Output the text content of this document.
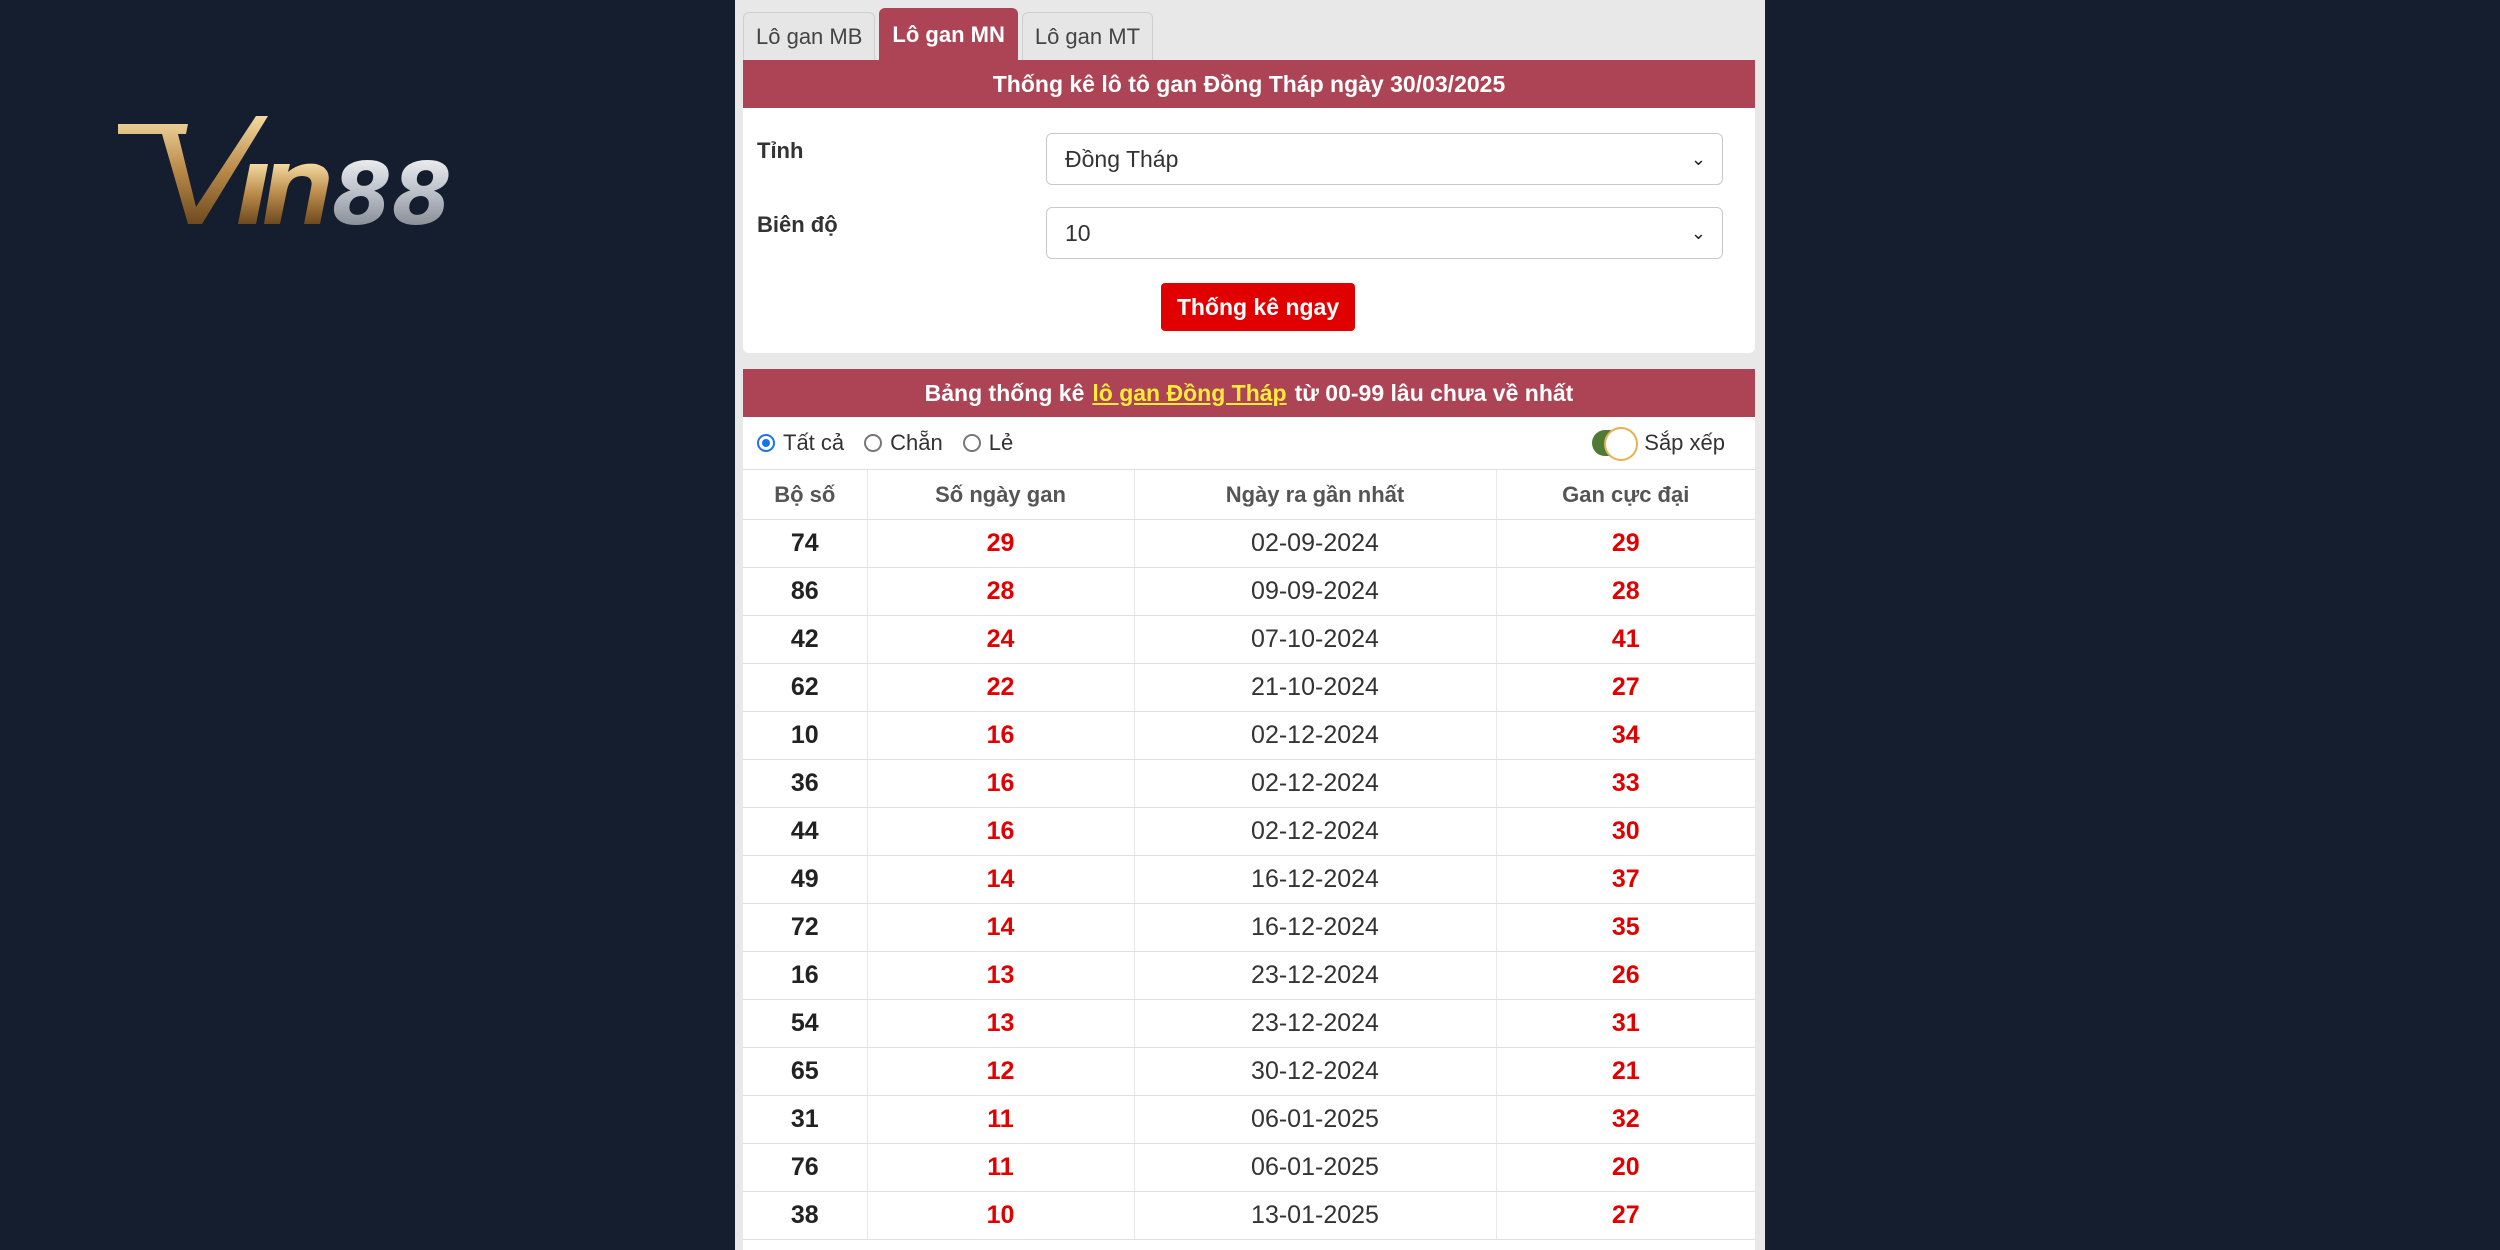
88
Lô gan MB	Lô gan MN	Lô gan MT
Thống kê lô tô gan Đồng Tháp ngày 30/03/2025
Tỉnh	Đồng Tháp	⌄
Biên độ	10	⌄
Thống kê ngay
Bảng thống kê lô gan Đồng Tháp từ 00-99 lâu chưa về nhất
Tất cả Chẵn Lẻ	Sắp xếp
Bộ số	Số ngày gan	Ngày ra gần nhất	Gan cực đại
74	29	02-09-2024	29
86	28	09-09-2024	28
42	24	07-10-2024	41
62	22	21-10-2024	27
10	16	02-12-2024	34
36	16	02-12-2024	33
44	16	02-12-2024	30
49	14	16-12-2024	37
72	14	16-12-2024	35
16	13	23-12-2024	26
54	13	23-12-2024	31
65	12	30-12-2024	21
31	11	06-01-2025	32
76	11	06-01-2025	20
38	10	13-01-2025	27
